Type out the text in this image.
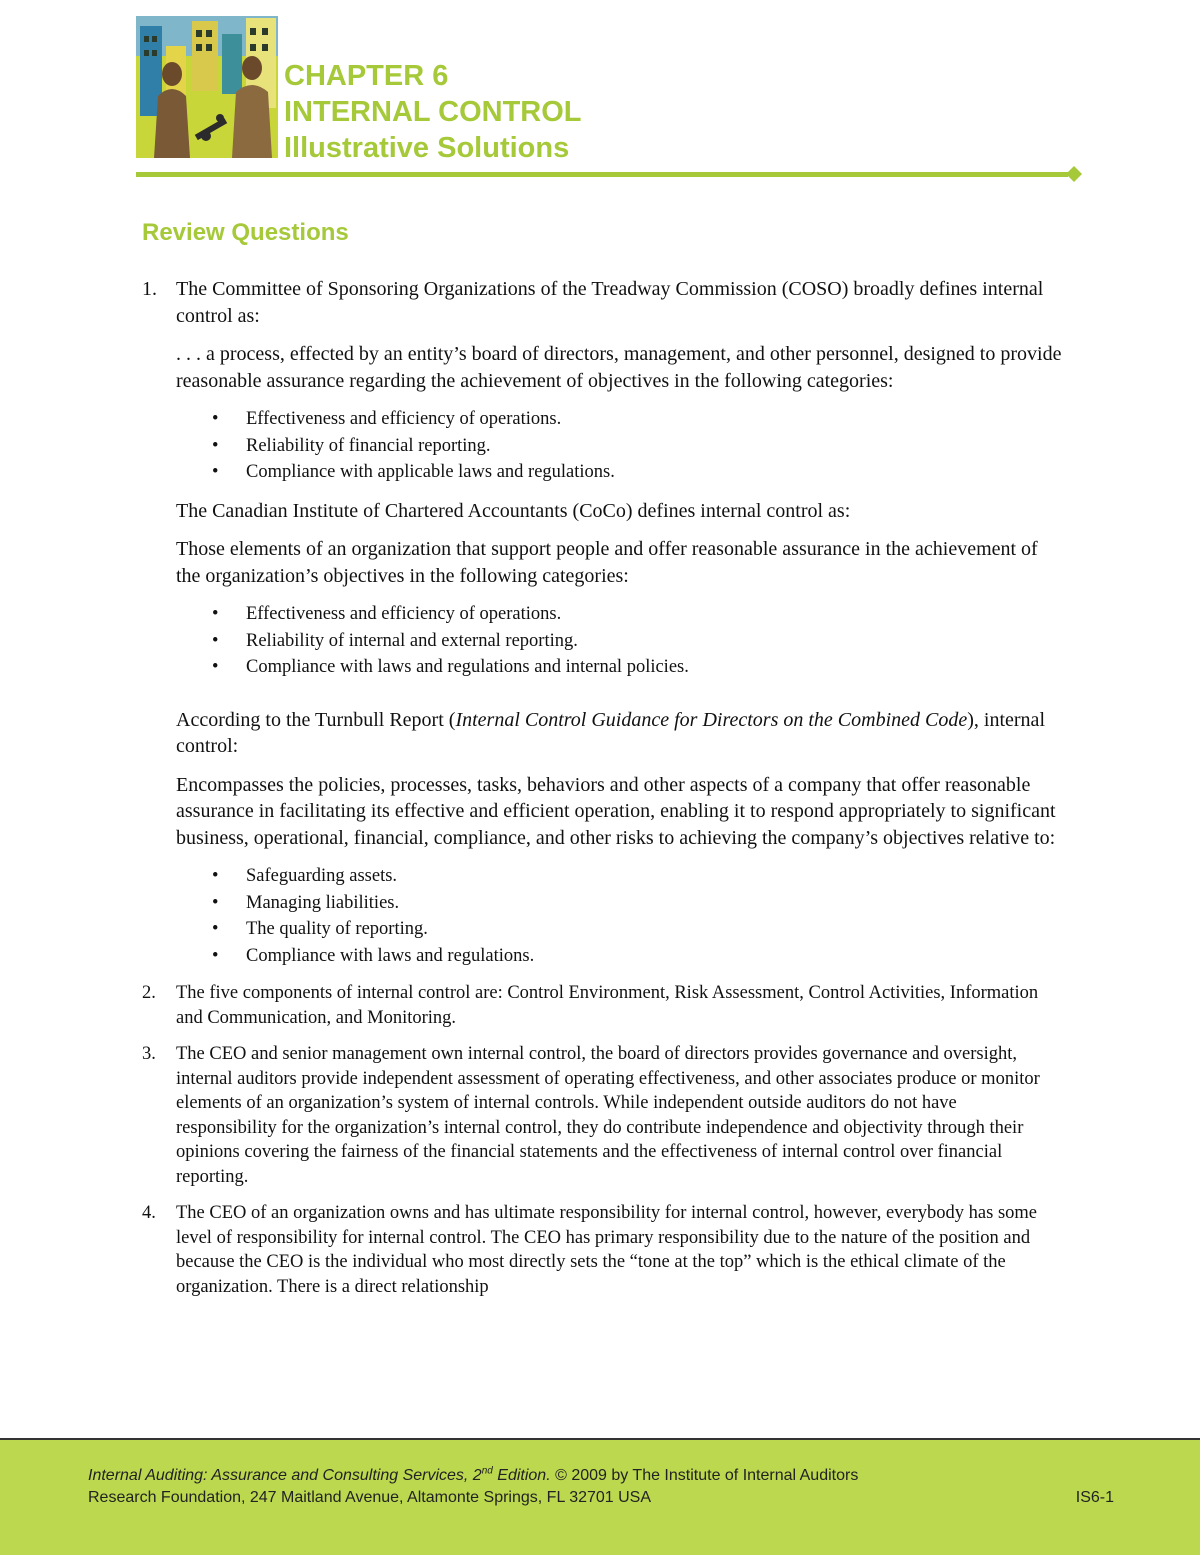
CHAPTER 6
INTERNAL CONTROL
Illustrative Solutions
Review Questions
1. The Committee of Sponsoring Organizations of the Treadway Commission (COSO) broadly defines internal control as:

. . . a process, effected by an entity’s board of directors, management, and other personnel, designed to provide reasonable assurance regarding the achievement of objectives in the following categories:

• Effectiveness and efficiency of operations.
• Reliability of financial reporting.
• Compliance with applicable laws and regulations.

The Canadian Institute of Chartered Accountants (CoCo) defines internal control as:

Those elements of an organization that support people and offer reasonable assurance in the achievement of the organization’s objectives in the following categories:

• Effectiveness and efficiency of operations.
• Reliability of internal and external reporting.
• Compliance with laws and regulations and internal policies.

According to the Turnbull Report (Internal Control Guidance for Directors on the Combined Code), internal control:

Encompasses the policies, processes, tasks, behaviors and other aspects of a company that offer reasonable assurance in facilitating its effective and efficient operation, enabling it to respond appropriately to significant business, operational, financial, compliance, and other risks to achieving the company’s objectives relative to:

• Safeguarding assets.
• Managing liabilities.
• The quality of reporting.
• Compliance with laws and regulations.
2. The five components of internal control are: Control Environment, Risk Assessment, Control Activities, Information and Communication, and Monitoring.

3. The CEO and senior management own internal control, the board of directors provides governance and oversight, internal auditors provide independent assessment of operating effectiveness, and other associates produce or monitor elements of an organization’s system of internal controls. While independent outside auditors do not have responsibility for the organization’s internal control, they do contribute independence and objectivity through their opinions covering the fairness of the financial statements and the effectiveness of internal control over financial reporting.

4. The CEO of an organization owns and has ultimate responsibility for internal control, however, everybody has some level of responsibility for internal control. The CEO has primary responsibility due to the nature of the position and because the CEO is the individual who most directly sets the “tone at the top” which is the ethical climate of the organization. There is a direct relationship

Internal Auditing: Assurance and Consulting Services, 2nd Edition. © 2009 by The Institute of Internal Auditors
Research Foundation, 247 Maitland Avenue, Altamonte Springs, FL 32701 USA	IS6-1
